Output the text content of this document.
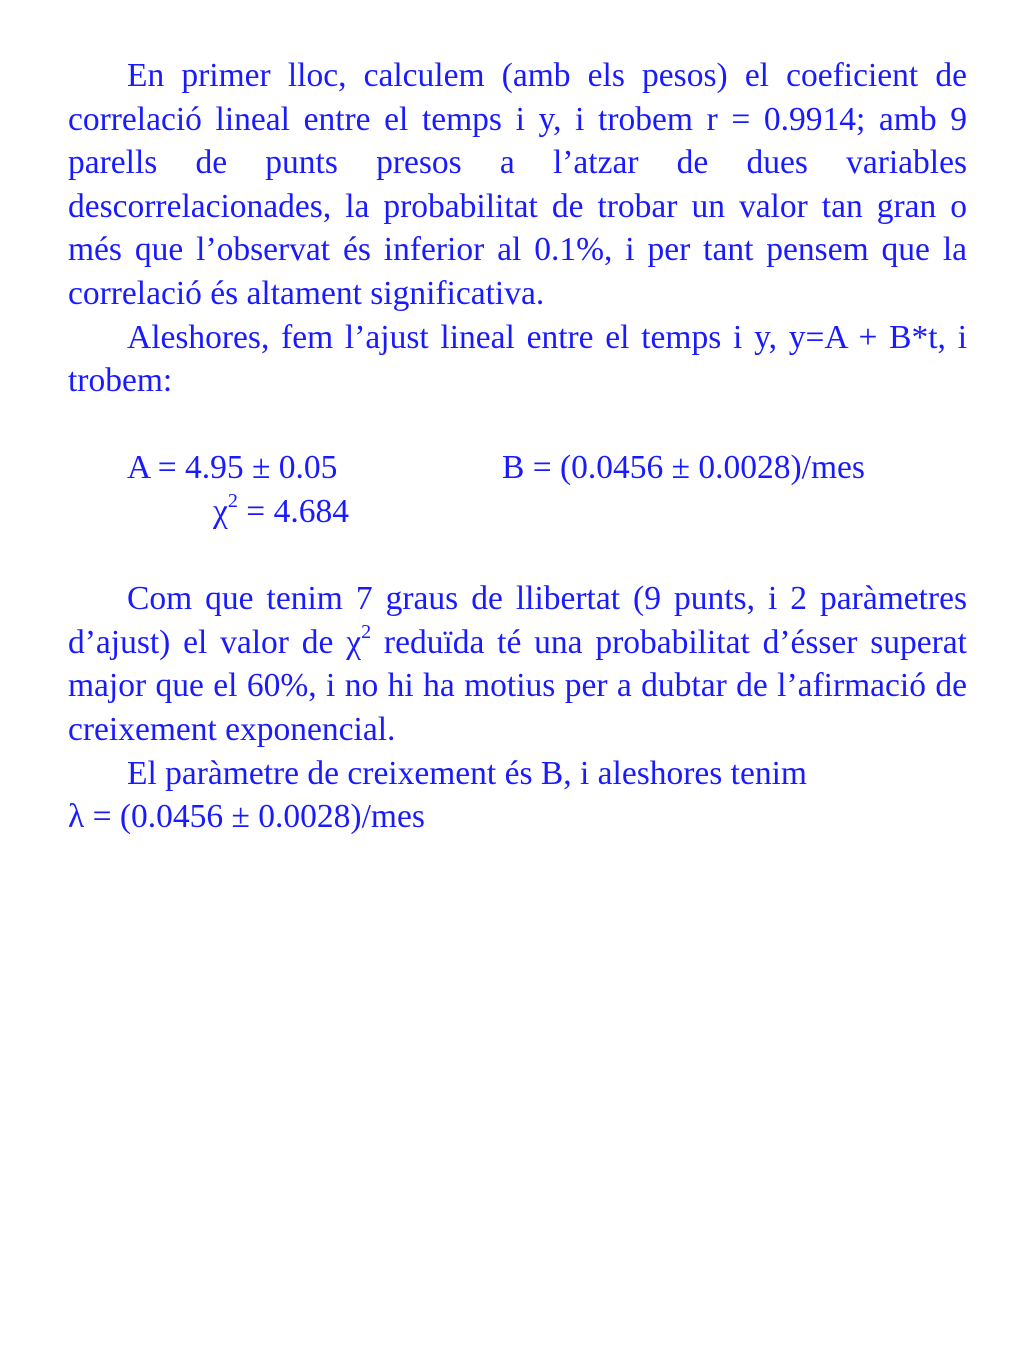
En primer lloc, calculem (amb els pesos) el coeficient de correlació lineal entre el temps i y, i trobem r = 0.9914; amb 9 parells de punts presos a l’atzar de dues variables descorrelacionades, la probabilitat de trobar un valor tan gran o més que l’observat és inferior al 0.1%, i per tant pensem que la correlació és altament significativa.

Aleshores, fem l’ajust lineal entre el temps i y, y=A + B*t, i trobem:

A = 4.95 ± 0.05	B = (0.0456 ± 0.0028)/mes
$\chi^2 = 4.684$

Com que tenim 7 graus de llibertat (9 punts, i 2 paràmetres d’ajust) el valor de $\chi^2$ reduïda té una probabilitat d’ésser superat major que el 60%, i no hi ha motius per a dubtar de l’afirmació de creixement exponencial.

El paràmetre de creixement és B, i aleshores tenim

λ = (0.0456 ± 0.0028)/mes
